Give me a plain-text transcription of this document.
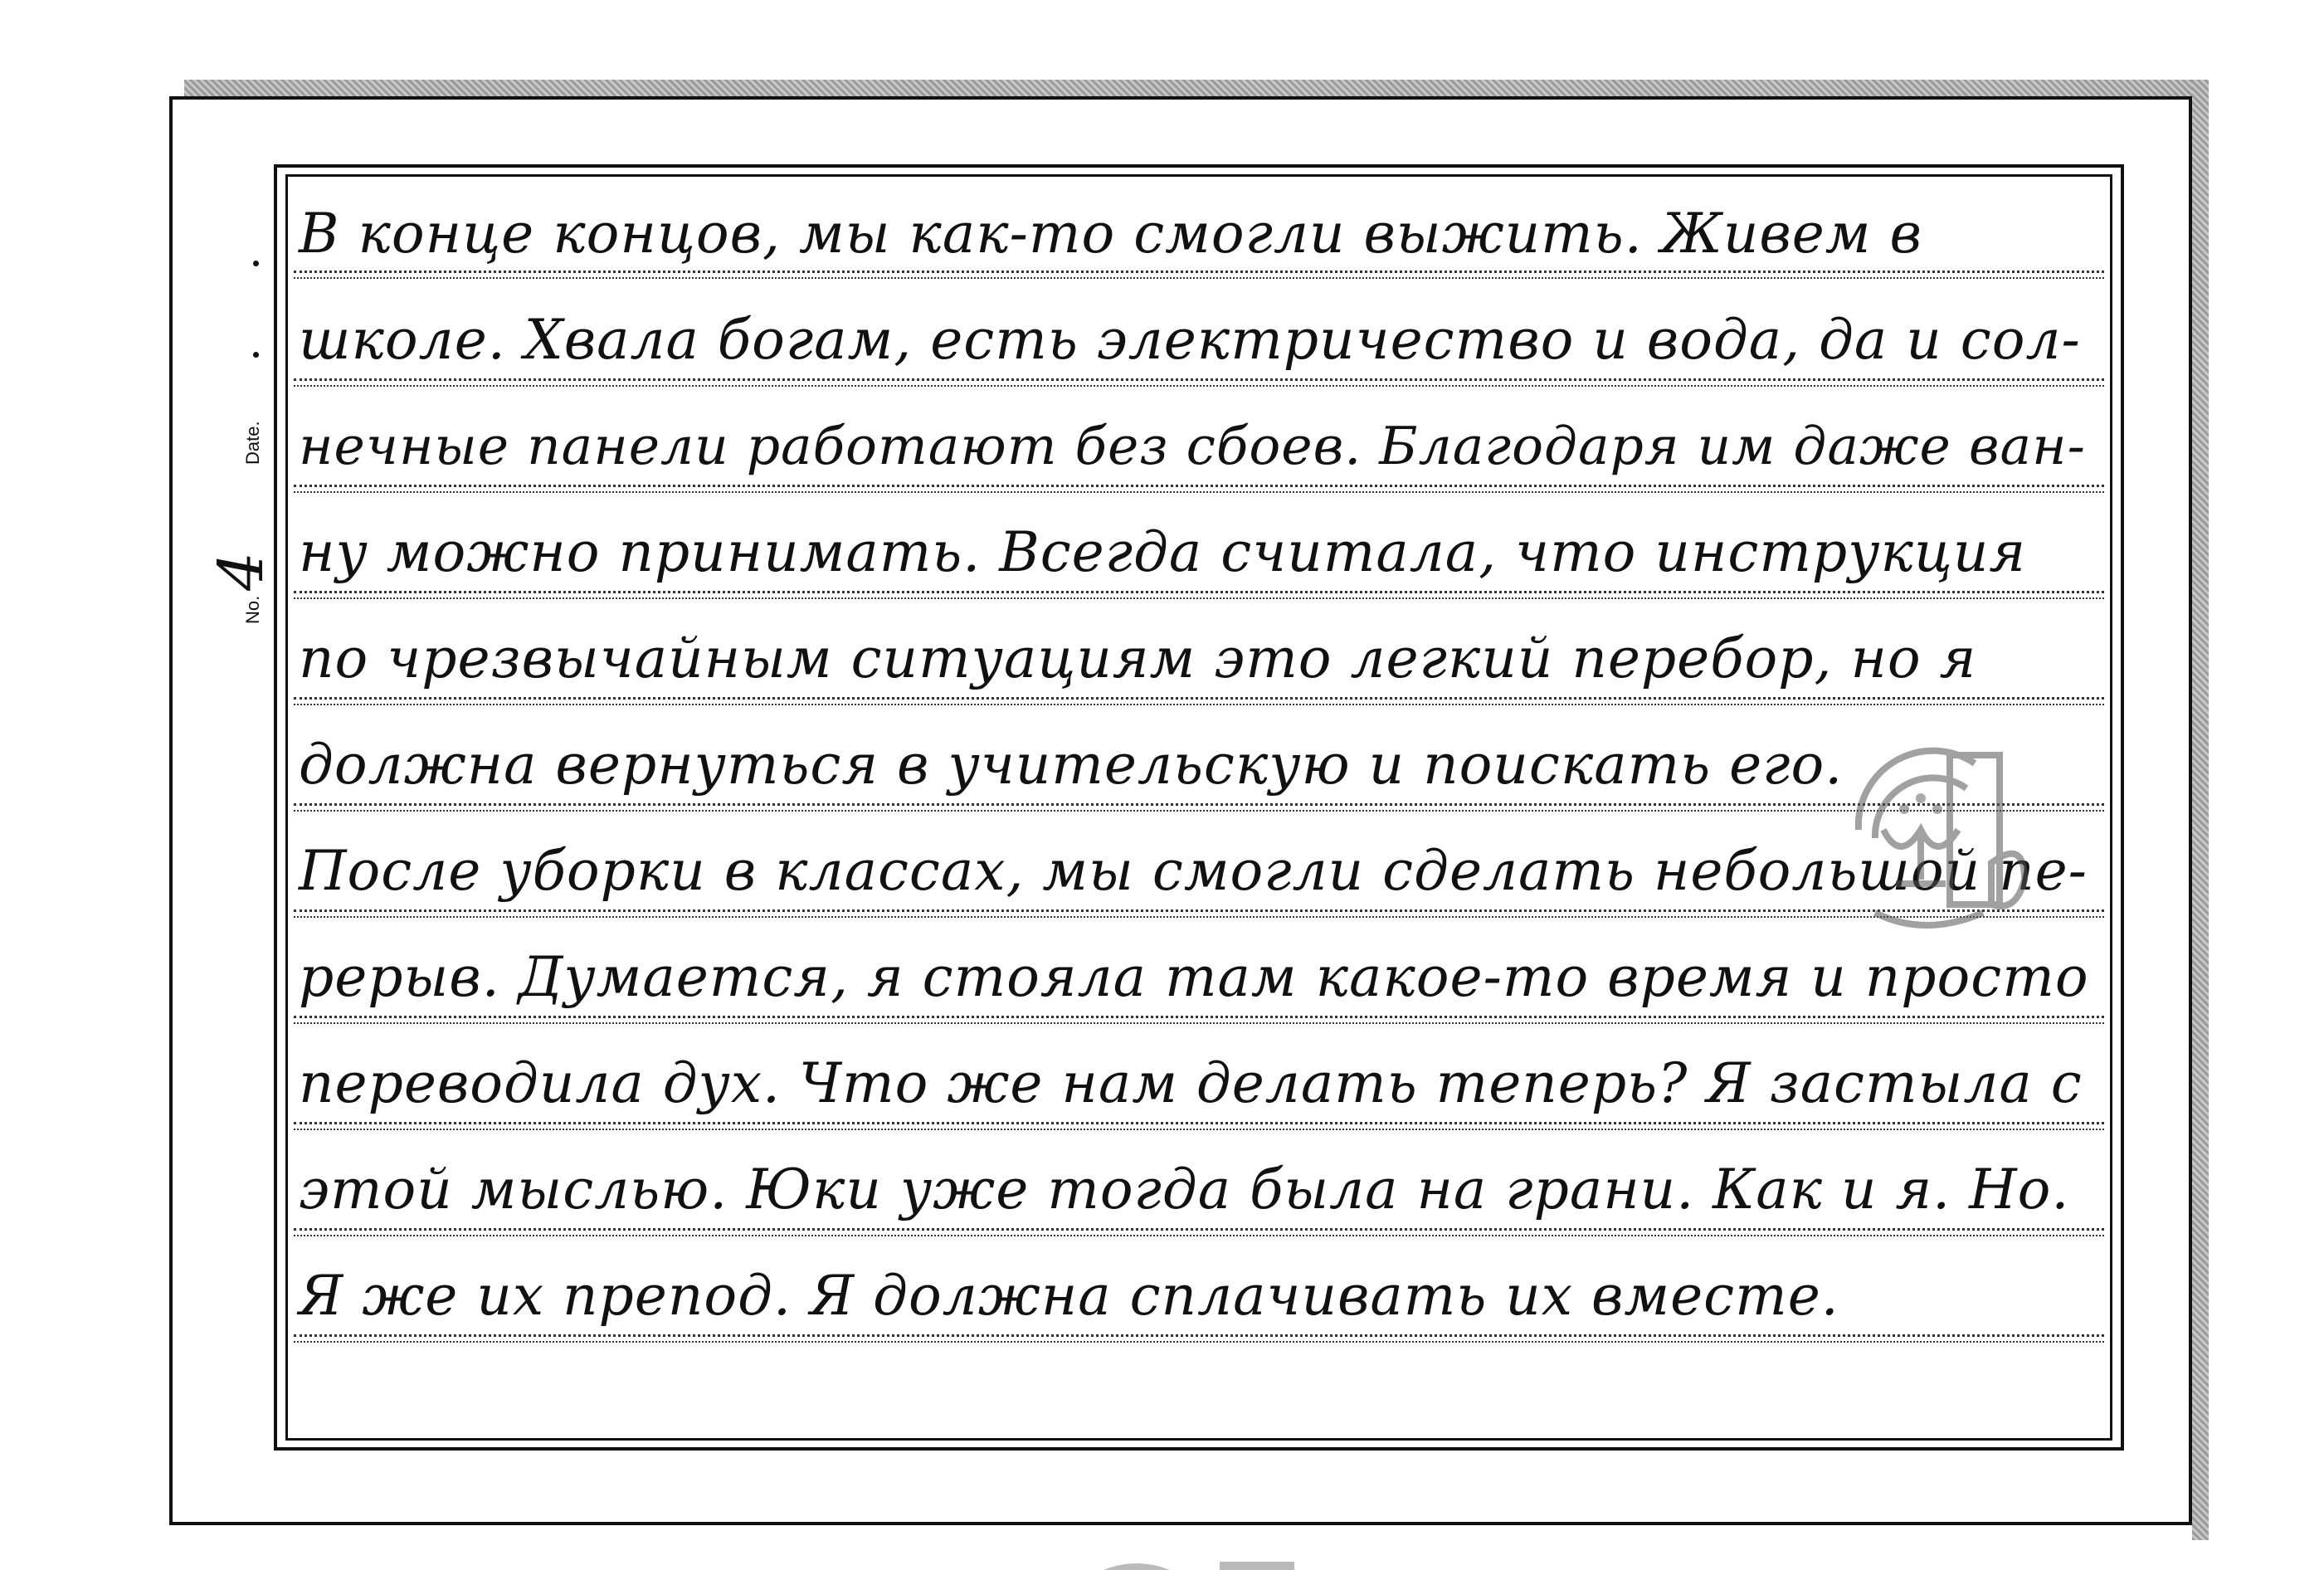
Date.
No.
4
В конце концов, мы как-то смогли выжить. Живем в
школе. Хвала богам, есть электричество и вода, да и сол-
нечные панели работают без сбоев. Благодаря им даже ван-
ну можно принимать. Всегда считала, что инструкция
по чрезвычайным ситуациям это легкий перебор, но я
должна вернуться в учительскую и поискать его.
После уборки в классах, мы смогли сделать небольшой пе-
рерыв. Думается, я стояла там какое-то время и просто
переводила дух. Что же нам делать теперь? Я застыла с
этой мыслью. Юки уже тогда была на грани. Как и я. Но.
Я же их препод. Я должна сплачивать их вместе.
